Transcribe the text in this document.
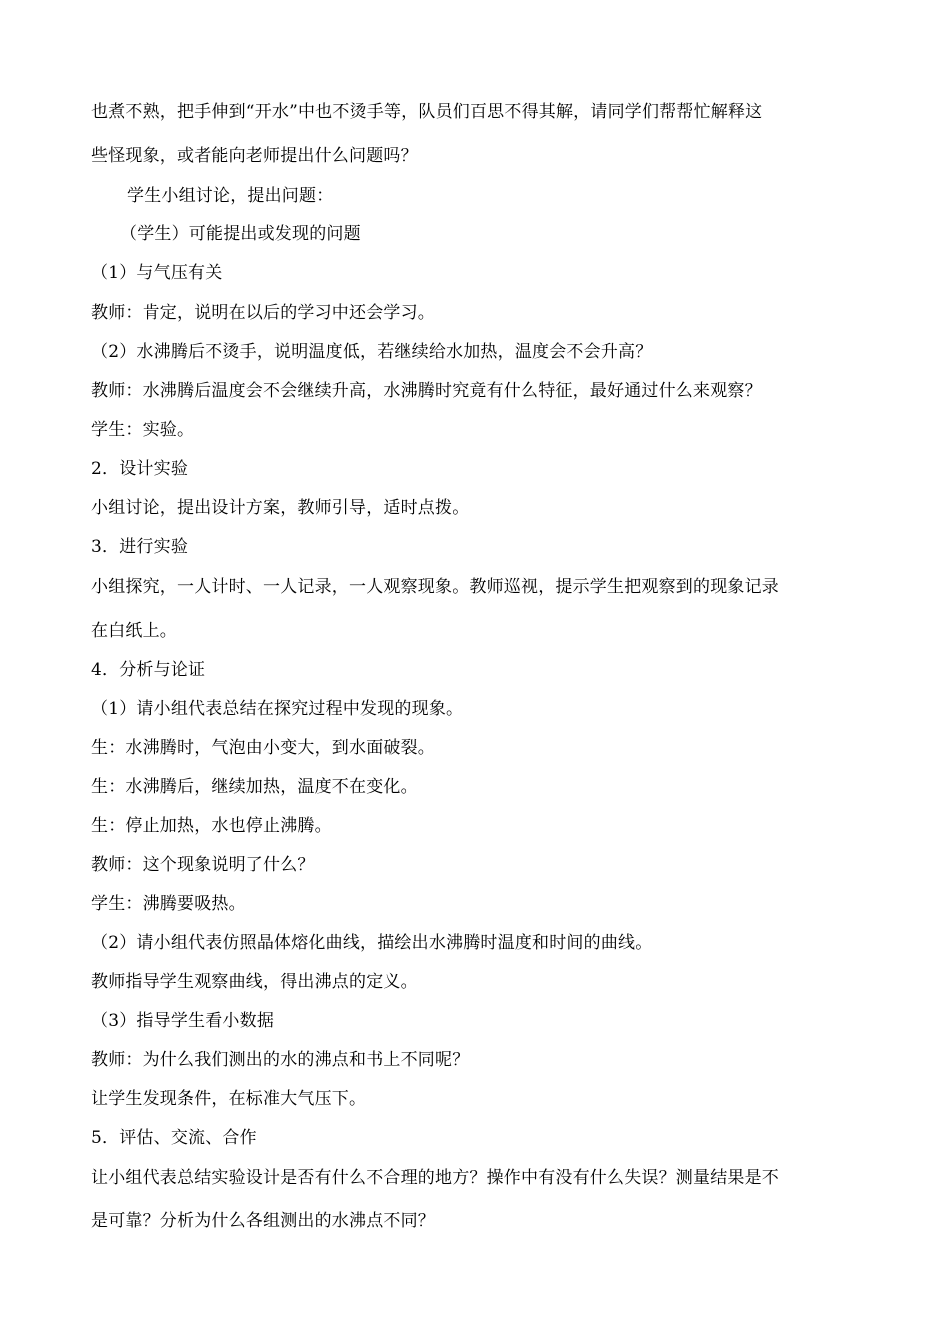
也煮不熟，把手伸到“开水”中也不烫手等，队员们百思不得其解，请同学们帮帮忙解释这
些怪现象，或者能向老师提出什么问题吗？
学生小组讨论，提出问题：
（学生）可能提出或发现的问题
（1）与气压有关
教师：肯定，说明在以后的学习中还会学习。
（2）水沸腾后不烫手，说明温度低，若继续给水加热，温度会不会升高？
教师：水沸腾后温度会不会继续升高，水沸腾时究竟有什么特征，最好通过什么来观察？
学生：实验。
2．设计实验
小组讨论，提出设计方案，教师引导，适时点拨。
3．进行实验
小组探究，一人计时、一人记录，一人观察现象。教师巡视，提示学生把观察到的现象记录
在白纸上。
4．分析与论证
（1）请小组代表总结在探究过程中发现的现象。
生：水沸腾时，气泡由小变大，到水面破裂。
生：水沸腾后，继续加热，温度不在变化。
生：停止加热，水也停止沸腾。
教师：这个现象说明了什么？
学生：沸腾要吸热。
（2）请小组代表仿照晶体熔化曲线，描绘出水沸腾时温度和时间的曲线。
教师指导学生观察曲线，得出沸点的定义。
（3）指导学生看小数据
教师：为什么我们测出的水的沸点和书上不同呢？
让学生发现条件，在标准大气压下。
5．评估、交流、合作
让小组代表总结实验设计是否有什么不合理的地方？操作中有没有什么失误？测量结果是不
是可靠？分析为什么各组测出的水沸点不同？
